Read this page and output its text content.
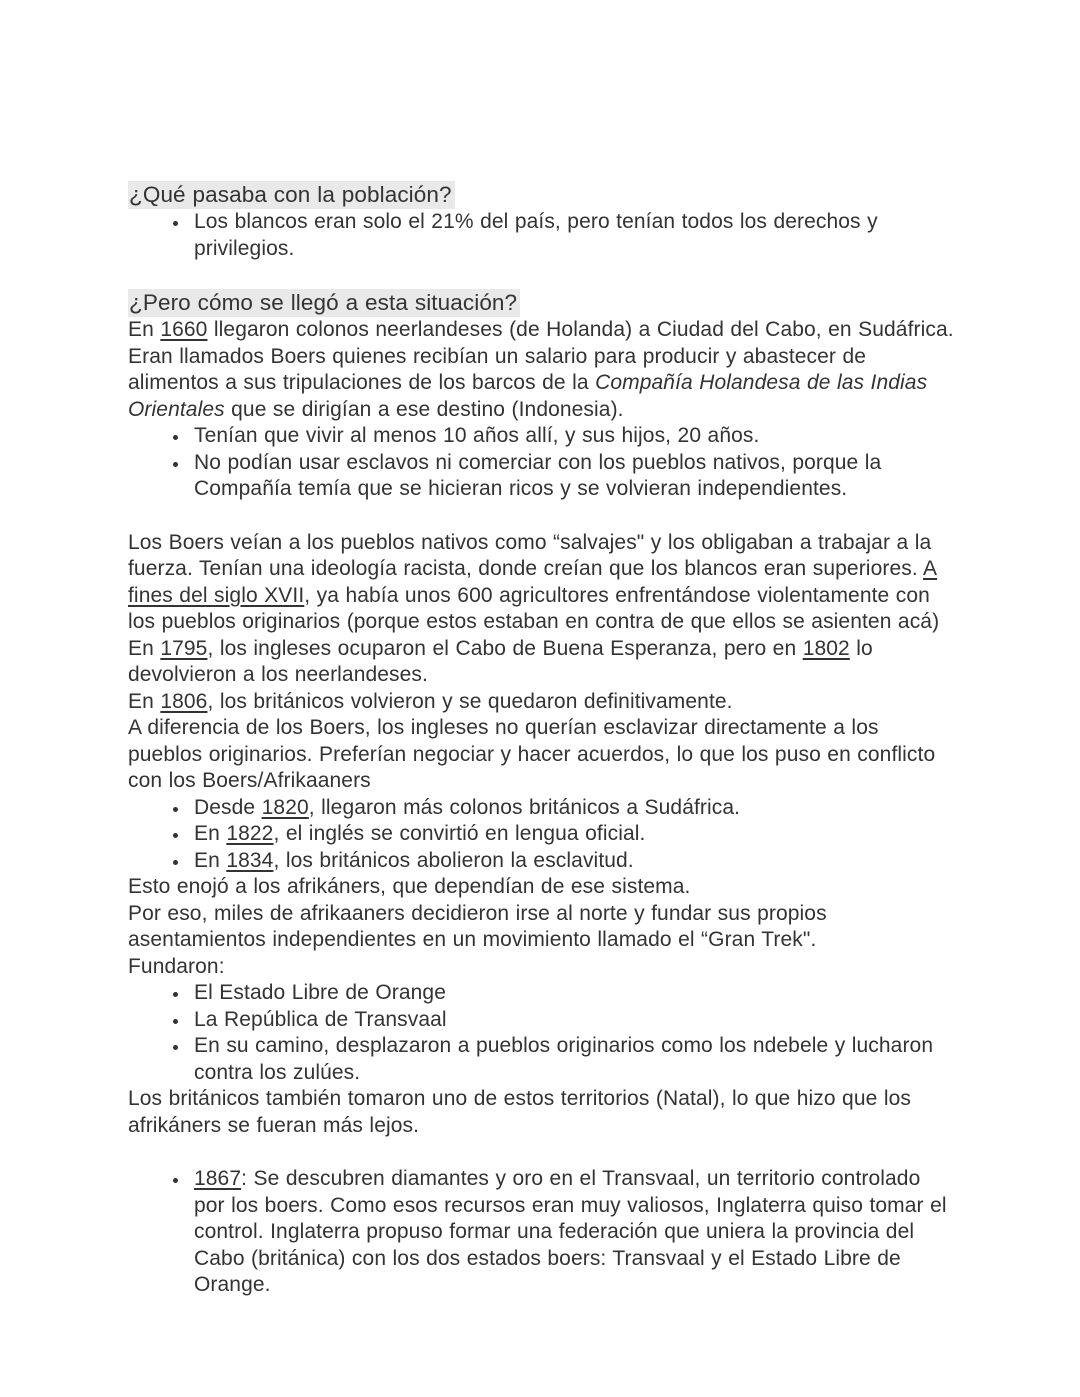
¿Qué pasaba con la población?
• Los blancos eran solo el 21% del país, pero tenían todos los derechos y privilegios.
¿Pero cómo se llegó a esta situación?
En 1660 llegaron colonos neerlandeses (de Holanda) a Ciudad del Cabo, en Sudáfrica. Eran llamados Boers quienes recibían un salario para producir y abastecer de alimentos a sus tripulaciones de los barcos de la Compañía Holandesa de las Indias Orientales que se dirigían a ese destino (Indonesia).
• Tenían que vivir al menos 10 años allí, y sus hijos, 20 años.
• No podían usar esclavos ni comerciar con los pueblos nativos, porque la Compañía temía que se hicieran ricos y se volvieran independientes.
Los Boers veían a los pueblos nativos como “salvajes" y los obligaban a trabajar a la fuerza. Tenían una ideología racista, donde creían que los blancos eran superiores. A fines del siglo XVII, ya había unos 600 agricultores enfrentándose violentamente con los pueblos originarios (porque estos estaban en contra de que ellos se asienten acá)
En 1795, los ingleses ocuparon el Cabo de Buena Esperanza, pero en 1802 lo devolvieron a los neerlandeses.
En 1806, los británicos volvieron y se quedaron definitivamente.
A diferencia de los Boers, los ingleses no querían esclavizar directamente a los pueblos originarios. Preferían negociar y hacer acuerdos, lo que los puso en conflicto con los Boers/Afrikaaners
• Desde 1820, llegaron más colonos británicos a Sudáfrica.
• En 1822, el inglés se convirtió en lengua oficial.
• En 1834, los británicos abolieron la esclavitud.
Esto enojó a los afrikáners, que dependían de ese sistema.
Por eso, miles de afrikaaners decidieron irse al norte y fundar sus propios asentamientos independientes en un movimiento llamado el “Gran Trek".
Fundaron:
• El Estado Libre de Orange
• La República de Transvaal
• En su camino, desplazaron a pueblos originarios como los ndebele y lucharon contra los zulúes.
Los británicos también tomaron uno de estos territorios (Natal), lo que hizo que los afrikáners se fueran más lejos.
• 1867: Se descubren diamantes y oro en el Transvaal, un territorio controlado por los boers. Como esos recursos eran muy valiosos, Inglaterra quiso tomar el control. Inglaterra propuso formar una federación que uniera la provincia del Cabo (británica) con los dos estados boers: Transvaal y el Estado Libre de Orange.
